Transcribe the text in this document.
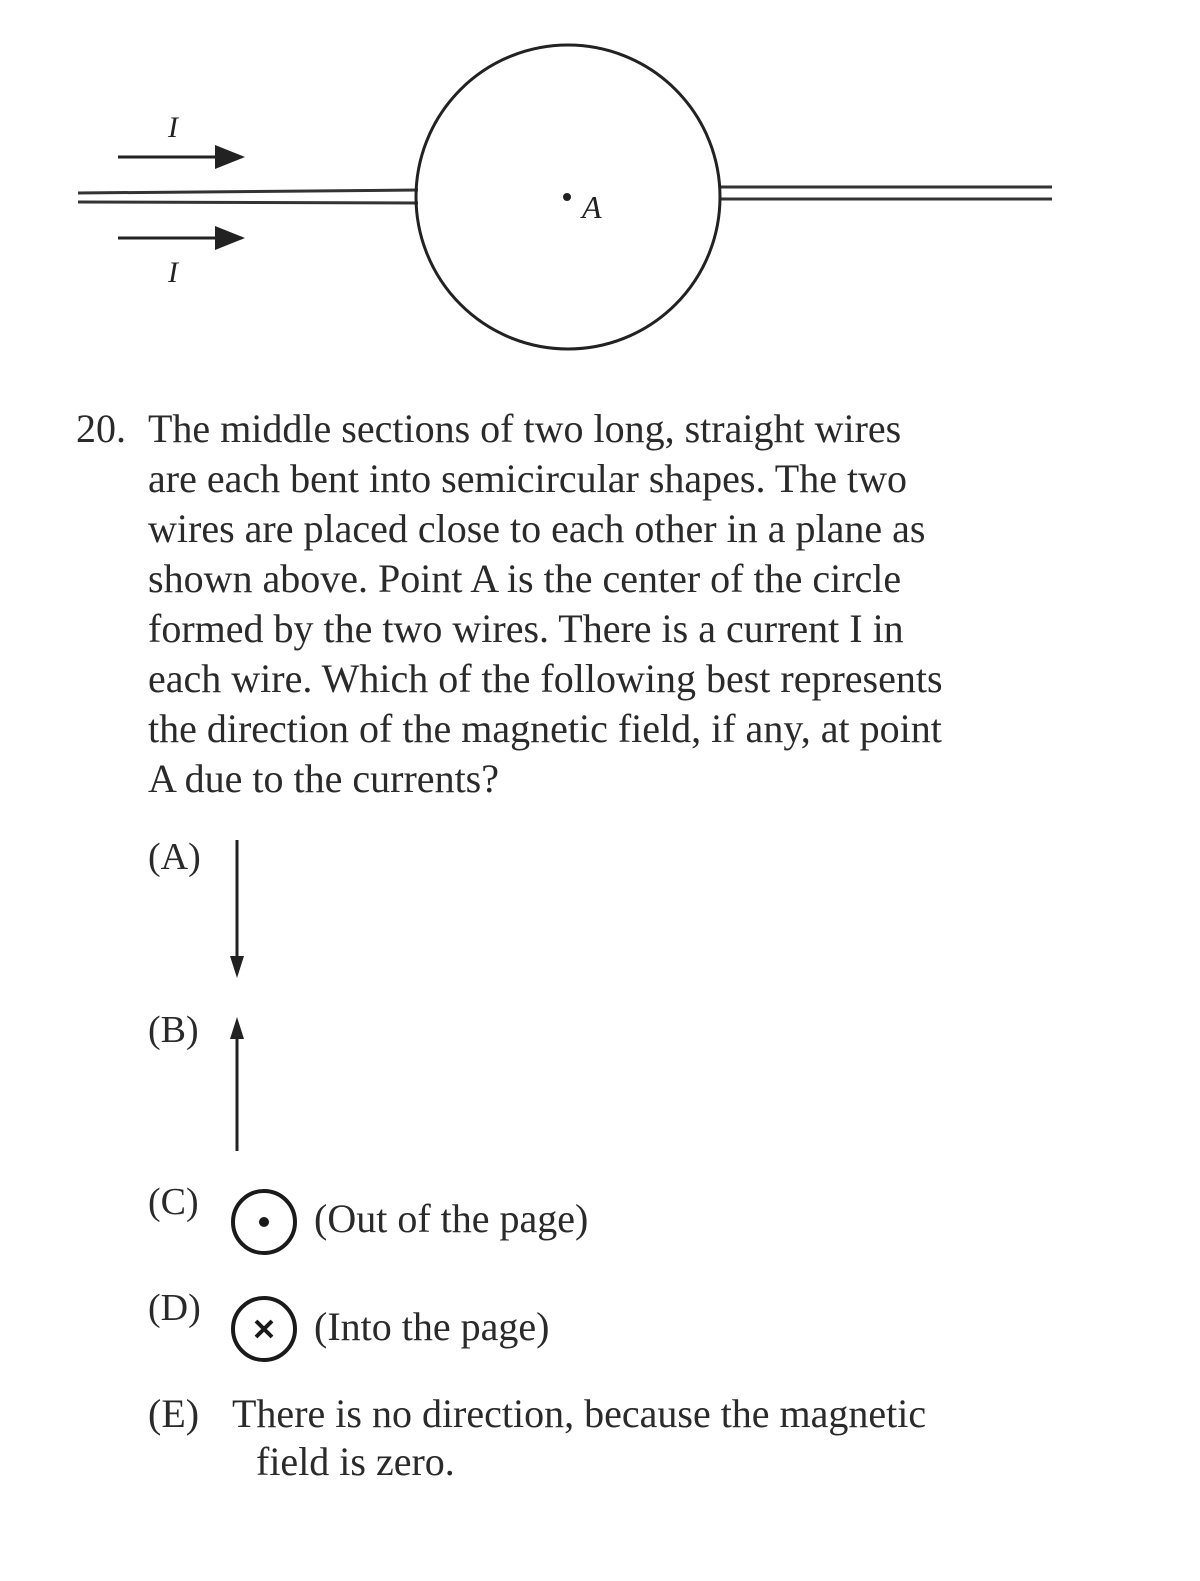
I
I
A

20. The middle sections of two long, straight wires
are each bent into semicircular shapes. The two
wires are placed close to each other in a plane as
shown above. Point A is the center of the circle
formed by the two wires. There is a current I in
each wire. Which of the following best represents
the direction of the magnetic field, if any, at point
A due to the currents?

(A)

(B)

(C)	(Out of the page)

(D)	(Into the page)

(E) There is no direction, because the magnetic

field is zero.
